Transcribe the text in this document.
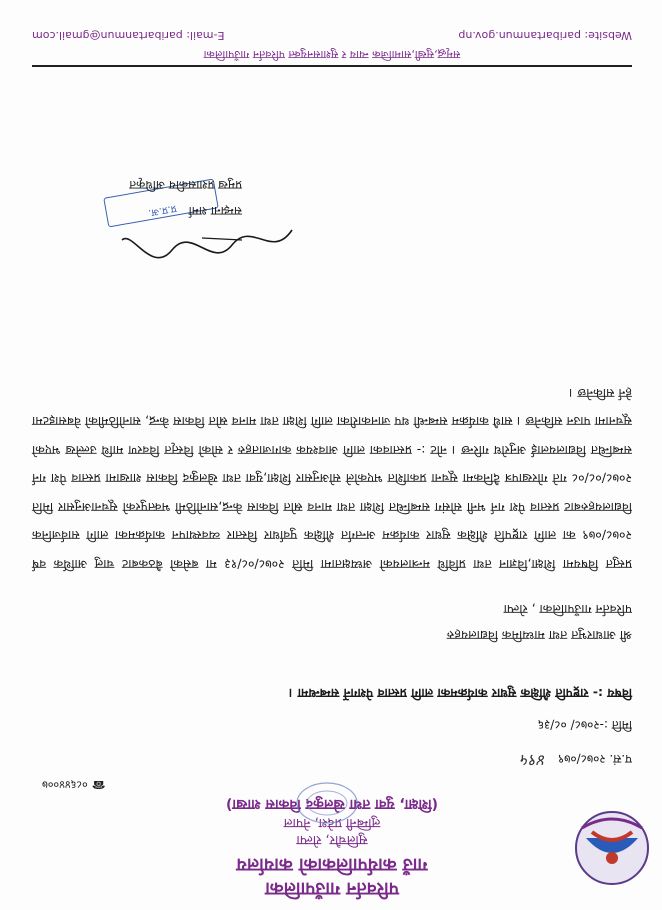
परिवर्तन गाउँपालिका
गाउँ कार्यपालिकाको कार्यालय
सुलिचौर, रोल्पा
लुम्बिनी प्रदेश, नेपाल
(शिक्षा, युवा तथा खेलकुद विकास शाखा)
☎०८६४४००७
प.सं. २०७८/०७९ ४९५
मिति :-२०७८/ ०८/३६
विषय :- राष्ट्रपति शैक्षिक सुधार कार्यक्रमका लागि प्रस्ताव पेशगर्ने सम्बन्धमा ।
श्री आधारभुत तथा माध्यमिक विद्यालयहरु
परिवर्तन गाउँपालिका , रोल्पा
प्रस्तुत विषयमा शिक्षा,विज्ञान तथा प्रविधि मन्त्रालयको अध्यक्षतामा मिति २०७८/०८/१३ मा बसेको बैठकबाट चालु आर्थिक वर्ष २०७८/०७९ का लागि राष्ट्रपति शैक्षिक सुधार कार्यक्रम अन्तर्गत शैक्षिक पुर्वाधार विस्तार व्यवस्थापन कार्यक्रमका लागि सार्वजनिक विद्यालयहरुबाट प्रस्ताव पेश गर्न भनी सोसंग सम्बन्धित शिक्षा तथा मानव स्रोत विकास केन्द्र,सानोठिमी भक्तपुरको सूचनाअनुसार मिति २०७८/०८/०८ गते गोरखापत्र दैनिकमा सूचना प्रकाशित भएकोले सोअनुसार शिक्षा,युवा तथा खेलकुद विकास शाखामा प्रस्ताव पेश गर्न सम्बन्धित विद्यालयलाई अनुरोध गरिन्छ । नोट :- प्रस्तावका लागि आवश्यक कागजातहरु र सोको विस्तृत विवरण माथि उल्लेख भएको सूचनामा पाउन सकिनेछ । साथै कार्यक्रम सम्बन्धी थप जानकारीका लागि शिक्षा तथा मानव स्रोत विकास केन्द्र, सानोठिमीको वेबसाइटमा हेर्न सकिनेछ ।
प्र.प्र.अ. सम्झना शर्मा
प्रमुख प्रशासकीय अधिकृत
समृद्ध,सुखी,सामाजिक न्याय र सुशासनयुक्त परिवर्तन गाउँपालिका
Website: paribartanmun.gov.np
E-mail: paribartanmun@gmail.com
